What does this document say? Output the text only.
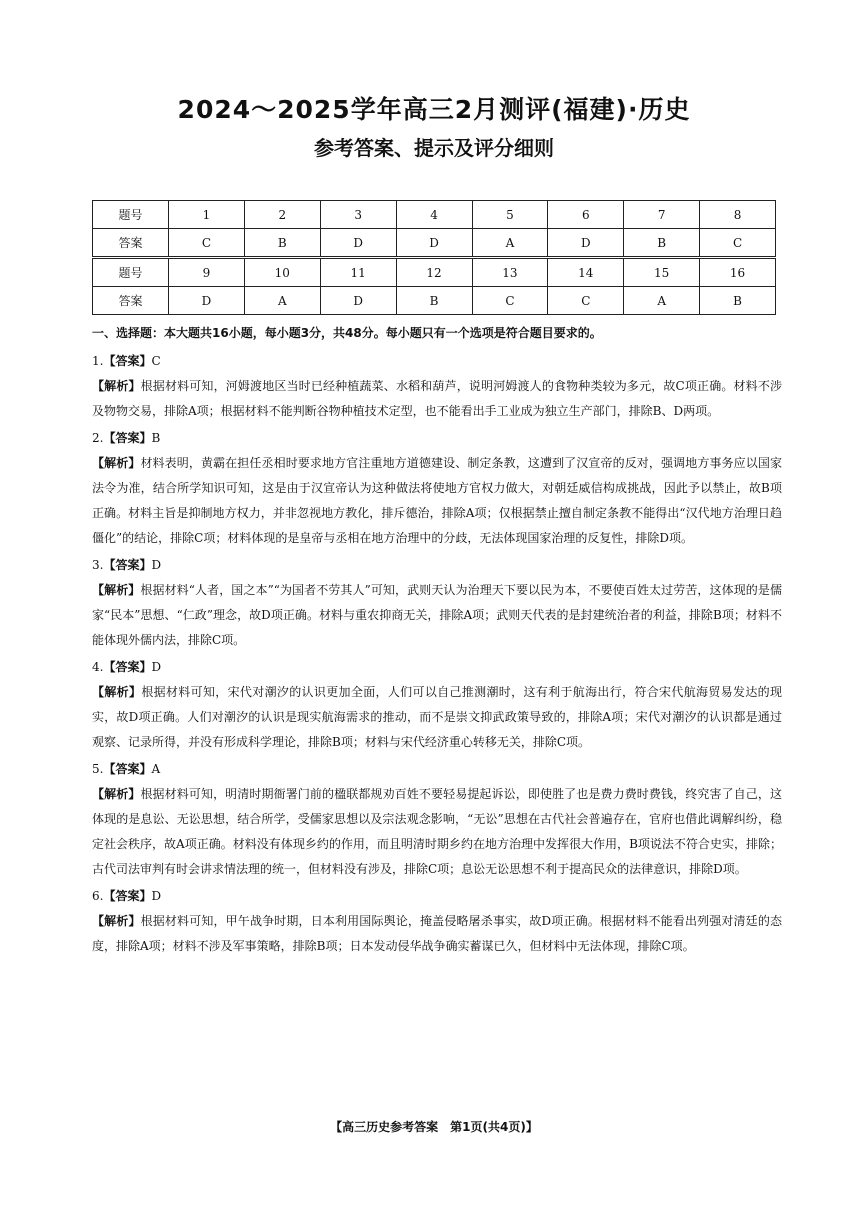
2024～2025学年高三2月测评(福建)·历史
参考答案、提示及评分细则
题号	1	2	3	4	5	6	7	8
答案	C	B	D	D	A	D	B	C
题号	9	10	11	12	13	14	15	16
答案	D	A	D	B	C	C	A	B
一、选择题：本大题共16小题，每小题3分，共48分。每小题只有一个选项是符合题目要求的。

1.【答案】C

【解析】根据材料可知，河姆渡地区当时已经种植蔬菜、水稻和葫芦，说明河姆渡人的食物种类较为多元，故C项正确。材料不涉及物物交易，排除A项；根据材料不能判断谷物种植技术定型，也不能看出手工业成为独立生产部门，排除B、D两项。

2.【答案】B

【解析】材料表明，黄霸在担任丞相时要求地方官注重地方道德建设、制定条教，这遭到了汉宣帝的反对，强调地方事务应以国家法令为准，结合所学知识可知，这是由于汉宣帝认为这种做法将使地方官权力做大，对朝廷威信构成挑战，因此予以禁止，故B项正确。材料主旨是抑制地方权力，并非忽视地方教化，排斥德治，排除A项；仅根据禁止擅自制定条教不能得出“汉代地方治理日趋僵化”的结论，排除C项；材料体现的是皇帝与丞相在地方治理中的分歧，无法体现国家治理的反复性，排除D项。

3.【答案】D

【解析】根据材料“人者，国之本”“为国者不劳其人”可知，武则天认为治理天下要以民为本，不要使百姓太过劳苦，这体现的是儒家“民本”思想、“仁政”理念，故D项正确。材料与重农抑商无关，排除A项；武则天代表的是封建统治者的利益，排除B项；材料不能体现外儒内法，排除C项。

4.【答案】D

【解析】根据材料可知，宋代对潮汐的认识更加全面，人们可以自己推测潮时，这有利于航海出行，符合宋代航海贸易发达的现实，故D项正确。人们对潮汐的认识是现实航海需求的推动，而不是崇文抑武政策导致的，排除A项；宋代对潮汐的认识都是通过观察、记录所得，并没有形成科学理论，排除B项；材料与宋代经济重心转移无关，排除C项。

5.【答案】A

【解析】根据材料可知，明清时期衙署门前的楹联都规劝百姓不要轻易提起诉讼，即使胜了也是费力费时费钱，终究害了自己，这体现的是息讼、无讼思想，结合所学，受儒家思想以及宗法观念影响，“无讼”思想在古代社会普遍存在，官府也借此调解纠纷，稳定社会秩序，故A项正确。材料没有体现乡约的作用，而且明清时期乡约在地方治理中发挥很大作用，B项说法不符合史实，排除；古代司法审判有时会讲求情法理的统一，但材料没有涉及，排除C项；息讼无讼思想不利于提高民众的法律意识，排除D项。

6.【答案】D

【解析】根据材料可知，甲午战争时期，日本利用国际舆论，掩盖侵略屠杀事实，故D项正确。根据材料不能看出列强对清廷的态度，排除A项；材料不涉及军事策略，排除B项；日本发动侵华战争确实蓄谋已久，但材料中无法体现，排除C项。

【高三历史参考答案　第1页(共4页)】
